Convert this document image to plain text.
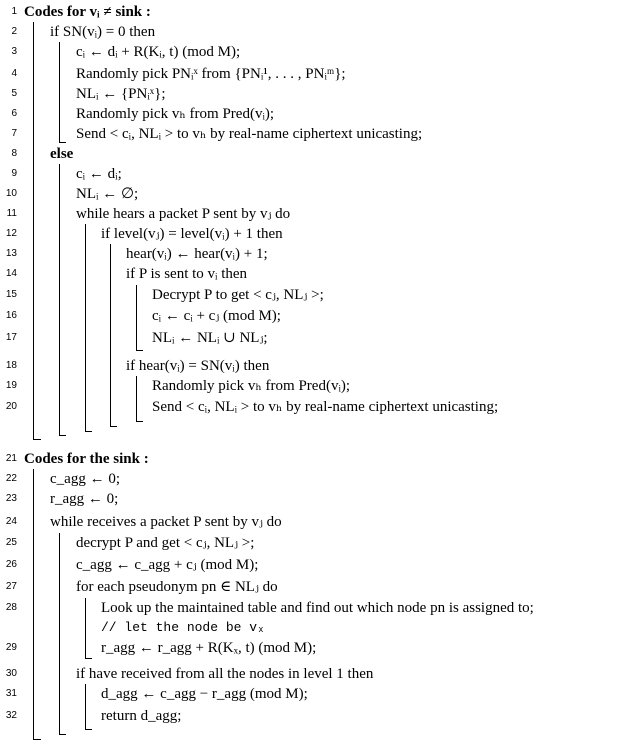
1 Codes for vᵢ ≠ sink :
2 if SN(vᵢ) = 0 then
3	cᵢ ← dᵢ + R(Kᵢ, t) (mod M);
4	Randomly pick PNᵢˣ from {PNᵢ¹, . . . , PNᵢᵐ};
5	NLᵢ ← {PNᵢˣ};
6	Randomly pick vₕ from Pred(vᵢ);
7	Send < cᵢ, NLᵢ > to vₕ by real-name ciphertext unicasting;
8 else
9	cᵢ ← dᵢ;
10	NLᵢ ← ∅;
11	while hears a packet P sent by vⱼ do
12	if level(vⱼ) = level(vᵢ) + 1 then
13	hear(vᵢ) ← hear(vᵢ) + 1;
14	if P is sent to vᵢ then
15	Decrypt P to get < cⱼ, NLⱼ >;
16	cᵢ ← cᵢ + cⱼ (mod M);
17	NLᵢ ← NLᵢ ∪ NLⱼ;
18	if hear(vᵢ) = SN(vᵢ) then
19	Randomly pick vₕ from Pred(vᵢ);
20	Send < cᵢ, NLᵢ > to vₕ by real-name ciphertext unicasting;
21 Codes for the sink :
22 c_agg ← 0;
23 r_agg ← 0;
24 while receives a packet P sent by vⱼ do
25	decrypt P and get < cⱼ, NLⱼ >;
26	c_agg ← c_agg + cⱼ (mod M);
27	for each pseudonym pn ∈ NLⱼ do
28	Look up the maintained table and find out which node pn is assigned to;
// let the node be vₓ
29	r_agg ← r_agg + R(Kₓ, t) (mod M);
30	if have received from all the nodes in level 1 then
31	d_agg ← c_agg − r_agg (mod M);
32	return d_agg;
